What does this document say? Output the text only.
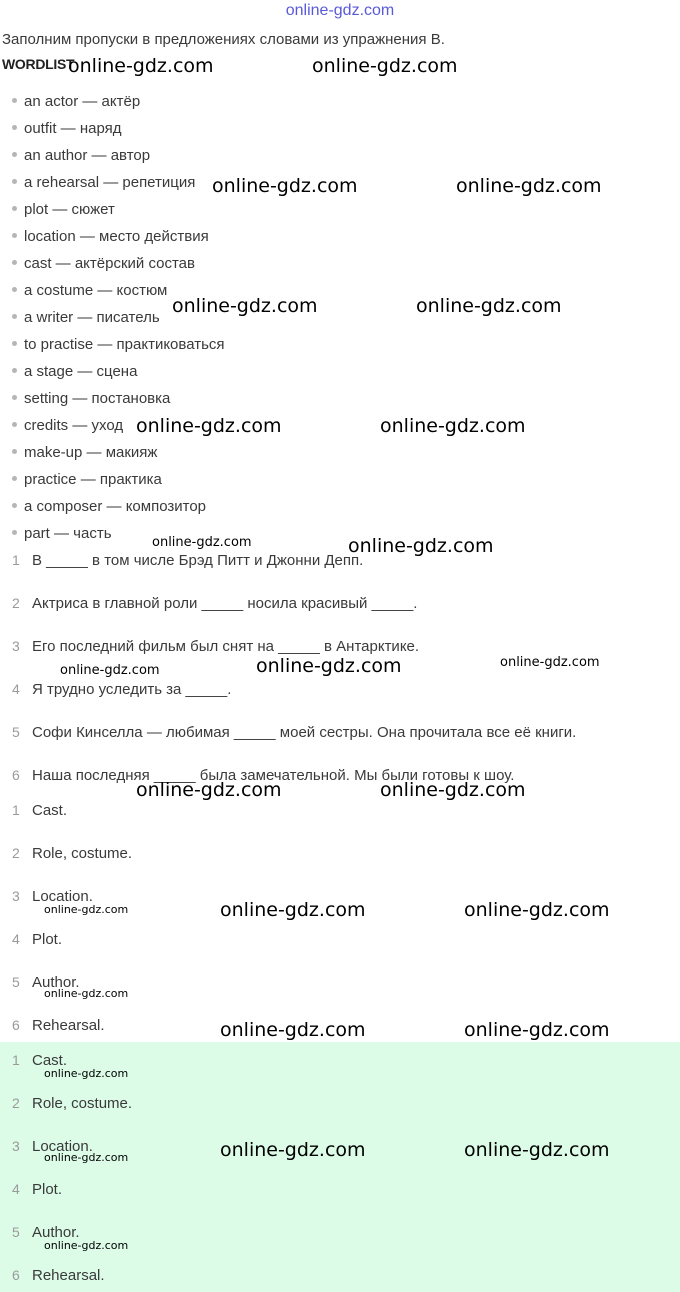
online-gdz.com
Заполним пропуски в предложениях словами из упражнения B.
WORDLIST
an actor — актёр
outfit — наряд
an author — автор
a rehearsal — репетиция
plot — сюжет
location — место действия
cast — актёрский состав
a costume — костюм
a writer — писатель
to practise — практиковаться
a stage — сцена
setting — постановка
credits — уход
make-up — макияж
practice — практика
a composer — композитор
part — часть
1 В _____ в том числе Брэд Питт и Джонни Депп.
2 Актриса в главной роли _____ носила красивый _____.
3 Его последний фильм был снят на _____ в Антарктике.
4 Я трудно уследить за _____.
5 Софи Кинселла — любимая _____ моей сестры. Она прочитала все её книги.
6 Наша последняя _____ была замечательной. Мы были готовы к шоу.
1 Cast.
2 Role, costume.
3 Location.
4 Plot.
5 Author.
6 Rehearsal.
1 Cast.
2 Role, costume.
3 Location.
4 Plot.
5 Author.
6 Rehearsal.
online-gdz.com	online-gdz.com
online-gdz.com	online-gdz.com
online-gdz.com	online-gdz.com
online-gdz.com	online-gdz.com
online-gdz.com	online-gdz.com
online-gdz.com	online-gdz.com	online-gdz.com
online-gdz.com	online-gdz.com
online-gdz.com	online-gdz.com	online-gdz.com
online-gdz.com
online-gdz.com	online-gdz.com
online-gdz.com
online-gdz.com	online-gdz.com
online-gdz.com
online-gdz.com
